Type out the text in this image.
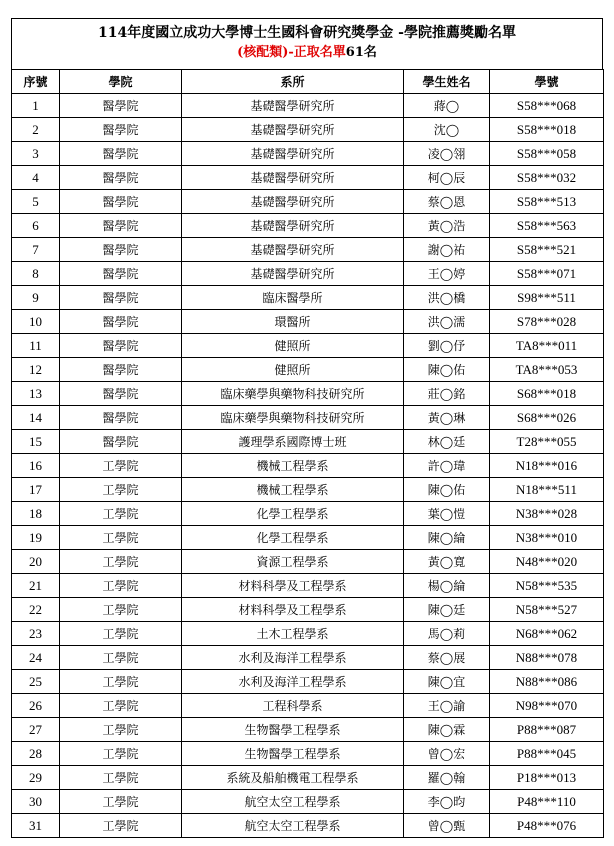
114年度國立成功大學博士生國科會研究獎學金 -學院推薦獎勵名單
(核配類)-正取名單61名
序號	學院	系所	學生姓名	學號
1	醫學院	基礎醫學研究所	蔣◯	S58***068
2	醫學院	基礎醫學研究所	沈◯	S58***018
3	醫學院	基礎醫學研究所	凌◯翎	S58***058
4	醫學院	基礎醫學研究所	柯◯辰	S58***032
5	醫學院	基礎醫學研究所	蔡◯恩	S58***513
6	醫學院	基礎醫學研究所	黃◯浩	S58***563
7	醫學院	基礎醫學研究所	謝◯祐	S58***521
8	醫學院	基礎醫學研究所	王◯婷	S58***071
9	醫學院	臨床醫學所	洪◯橋	S98***511
10	醫學院	環醫所	洪◯濡	S78***028
11	醫學院	健照所	劉◯伃	TA8***011
12	醫學院	健照所	陳◯佑	TA8***053
13	醫學院	臨床藥學與藥物科技研究所	莊◯銘	S68***018
14	醫學院	臨床藥學與藥物科技研究所	黃◯琳	S68***026
15	醫學院	護理學系國際博士班	林◯廷	T28***055
16	工學院	機械工程學系	許◯瑋	N18***016
17	工學院	機械工程學系	陳◯佑	N18***511
18	工學院	化學工程學系	葉◯愷	N38***028
19	工學院	化學工程學系	陳◯綸	N38***010
20	工學院	資源工程學系	黃◯寬	N48***020
21	工學院	材料科學及工程學系	楊◯綸	N58***535
22	工學院	材料科學及工程學系	陳◯廷	N58***527
23	工學院	土木工程學系	馬◯莉	N68***062
24	工學院	水利及海洋工程學系	蔡◯展	N88***078
25	工學院	水利及海洋工程學系	陳◯宜	N88***086
26	工學院	工程科學系	王◯諭	N98***070
27	工學院	生物醫學工程學系	陳◯霖	P88***087
28	工學院	生物醫學工程學系	曾◯宏	P88***045
29	工學院	系統及船舶機電工程學系	羅◯翰	P18***013
30	工學院	航空太空工程學系	李◯昀	P48***110
31	工學院	航空太空工程學系	曾◯甄	P48***076
